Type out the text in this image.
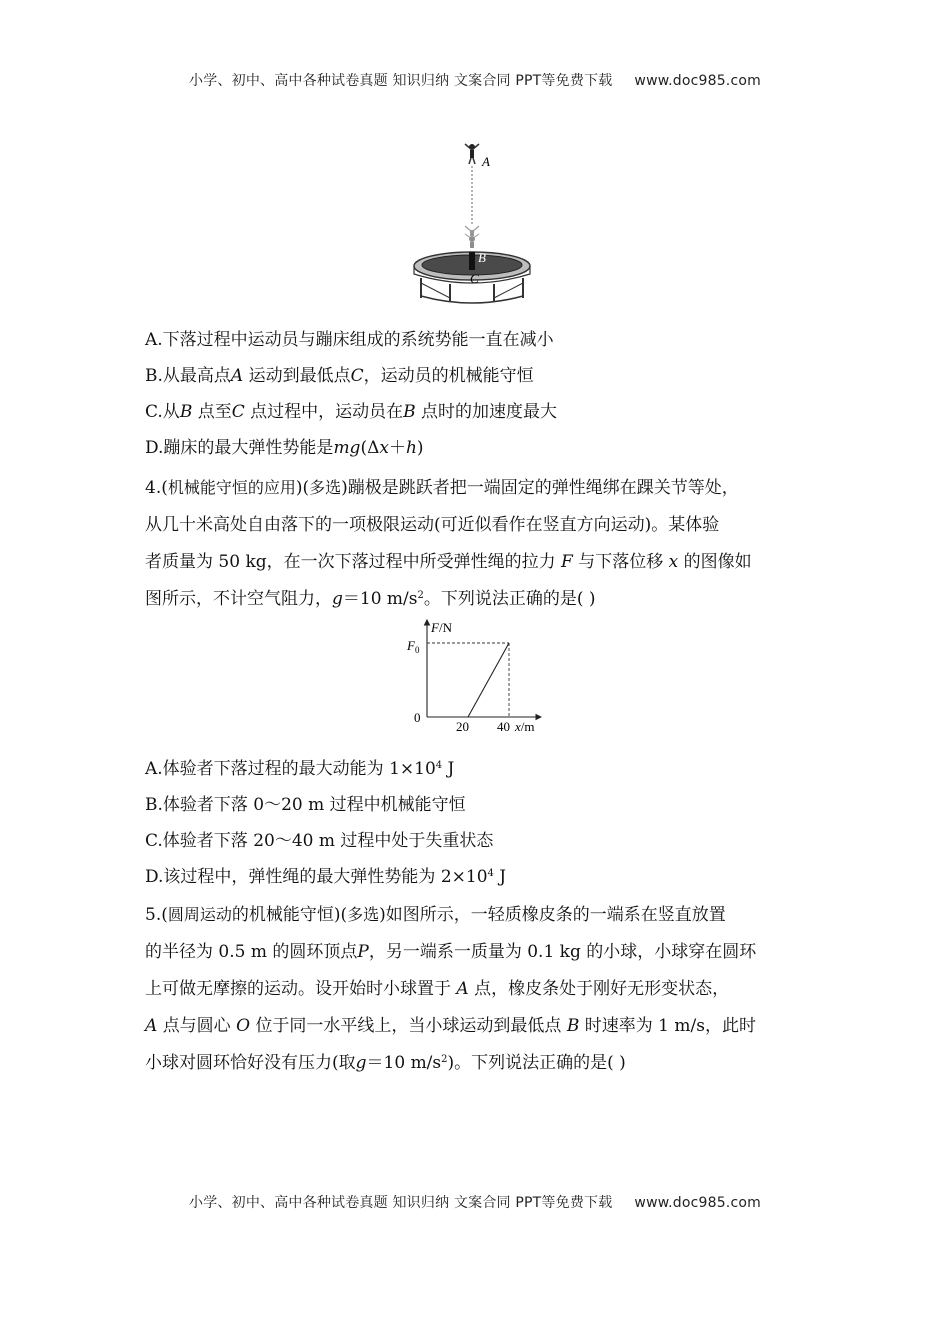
小学、初中、高中各种试卷真题 知识归纳 文案合同 PPT等免费下载 www.doc985.com
A
B
C
A.下落过程中运动员与蹦床组成的系统势能一直在减小
B.从最高点A 运动到最低点C，运动员的机械能守恒
C.从B 点至C 点过程中，运动员在B 点时的加速度最大
D.蹦床的最大弹性势能是mg(Δx＋h)
4.(机械能守恒的应用)(多选)蹦极是跳跃者把一端固定的弹性绳绑在踝关节等处，
从几十米高处自由落下的一项极限运动(可近似看作在竖直方向运动)。某体验
者质量为 50 kg，在一次下落过程中所受弹性绳的拉力 F 与下落位移 x 的图像如
图所示，不计空气阻力，g＝10 $m/s^2$。下列说法正确的是( )
F/N
$F_0$
0
20 40 x/m
A.体验者下落过程的最大动能为 $1\times 10^4$ J
B.体验者下落 0～20 m 过程中机械能守恒
C.体验者下落 20～40 m 过程中处于失重状态
D.该过程中，弹性绳的最大弹性势能为 $2\times 10^4$ J
5.(圆周运动的机械能守恒)(多选)如图所示，一轻质橡皮条的一端系在竖直放置
的半径为 0.5 m 的圆环顶点P，另一端系一质量为 0.1 kg 的小球，小球穿在圆环
上可做无摩擦的运动。设开始时小球置于 A 点，橡皮条处于刚好无形变状态，
A 点与圆心 O 位于同一水平线上，当小球运动到最低点 B 时速率为 1 m/s，此时
小球对圆环恰好没有压力(取g＝10 $m/s^2$)。下列说法正确的是( )
小学、初中、高中各种试卷真题 知识归纳 文案合同 PPT等免费下载 www.doc985.com
